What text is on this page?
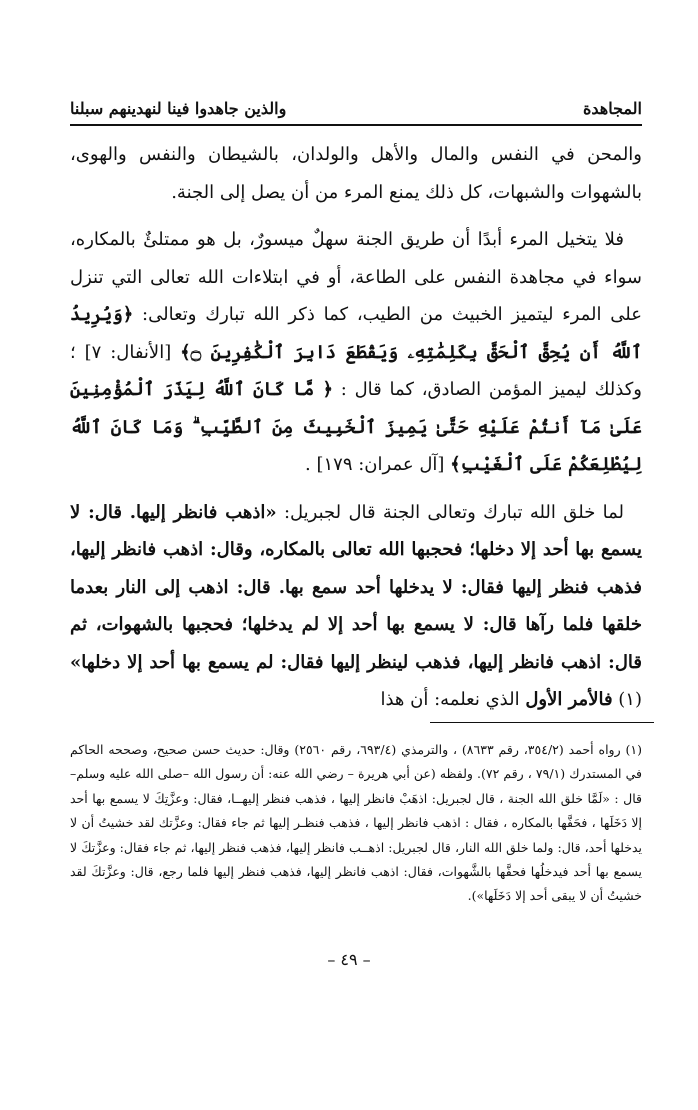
المجاهدة
والذين جاهدوا فينا لنهدينهم سبلنا

والمحن في النفس والمال والأهل والولدان، بالشيطان والنفس والهوى، بالشهوات والشبهات، كل ذلك يمنع المرء من أن يصل إلى الجنة.

فلا يتخيل المرء أبدًا أن طريق الجنة سهلٌ ميسورٌ، بل هو ممتلئٌ بالمكاره، سواء في مجاهدة النفس على الطاعة، أو في ابتلاءات الله تعالى التي تنزل على المرء ليتميز الخبيث من الطيب، كما ذكر الله تبارك وتعالى: ﴿وَيُرِيدُ ٱللَّهُ أَن يُحِقَّ ٱلْحَقَّ بِكَلِمَٰتِهِۦ وَيَقْطَعَ دَابِرَ ٱلْكَٰفِرِينَ ۝﴾ [الأنفال: ٧] ؛ وكذلك ليميز المؤمن الصادق، كما قال : ﴿ مَّا كَانَ ٱللَّهُ لِيَذَرَ ٱلْمُؤْمِنِينَ عَلَىٰ مَآ أَنتُمْ عَلَيْهِ حَتَّىٰ يَمِيزَ ٱلْخَبِيثَ مِنَ ٱلطَّيِّبِ ۗ وَمَا كَانَ ٱللَّهُ لِيُطْلِعَكُمْ عَلَى ٱلْغَيْبِ﴾ [آل عمران: ١٧٩] .

لما خلق الله تبارك وتعالى الجنة قال لجبريل: «اذهب فانظر إليها. قال: لا يسمع بها أحد إلا دخلها؛ فحجبها الله تعالى بالمكاره، وقال: اذهب فانظر إليها، فذهب فنظر إليها فقال: لا يدخلها أحد سمع بها. قال: اذهب إلى النار بعدما خلقها فلما رآها قال: لا يسمع بها أحد إلا لم يدخلها؛ فحجبها بالشهوات، ثم قال: اذهب فانظر إليها، فذهب لينظر إليها فقال: لم يسمع بها أحد إلا دخلها» (١) فالأمر الأول الذي نعلمه: أن هذا

(١) رواه أحمد (٣٥٤/٢، رقم ٨٦٣٣) ، والترمذي (٦٩٣/٤، رقم ٢٥٦٠) وقال: حديث حسن صحيح، وصححه الحاكم في المستدرك (٧٩/١ ، رقم ٧٢). ولفظه (عن أبي هريرة – رضي الله عنه: أن رسول الله –صلى الله عليه وسلم– قال : «لَمَّا خلق الله الجنة ، قال لجبريل: اذهَبْ فانظر إليها ، فذهب فنظر إليهــا، فقال: وعزَّتِكَ لا يسمع بها أحد إلا دَخَلَها ، فحَفَّها بالمكاره ، فقال : اذهب فانظر إليها ، فذهب فنظـر إليها ثم جاء فقال: وعزَّتك لقد خشيتُ أن لا يدخلها أحد، قال: ولما خلق الله النار، قال لجبريل: اذهــب فانظر إليها، فذهب فنظر إليها، ثم جاء فقال: وعزَّتكَ لا يسمع بها أحد فيدخلُها فحفَّها بالشَّهوات، فقال: اذهب فانظر إليها، فذهب فنظر إليها فلما رجع، قال: وعزَّتكَ لقد خشيتُ أن لا يبقى أحد إلا دَخَلَها»).
– ٤٩ –
